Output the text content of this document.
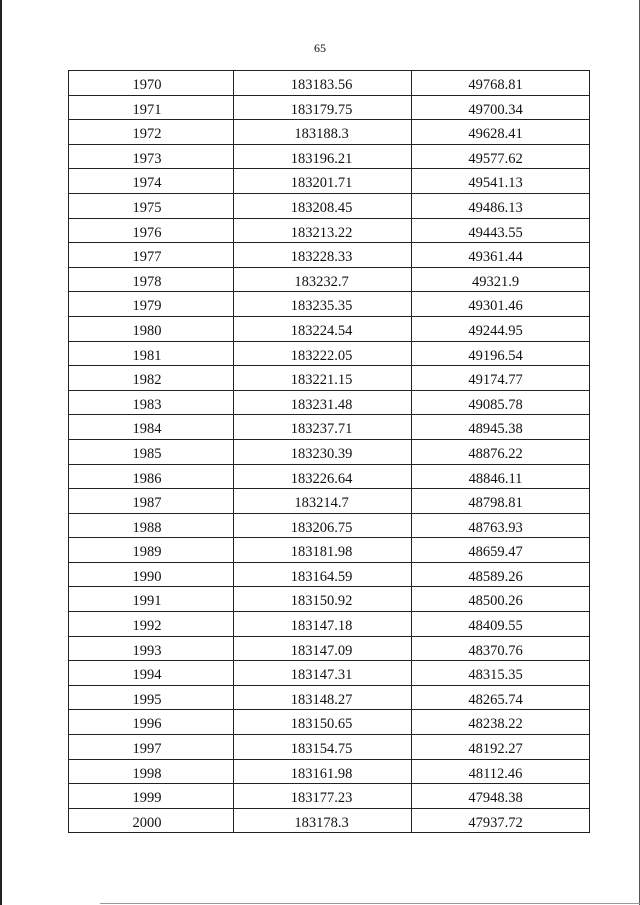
65
1970	183183.56	49768.81
1971	183179.75	49700.34
1972	183188.3	49628.41
1973	183196.21	49577.62
1974	183201.71	49541.13
1975	183208.45	49486.13
1976	183213.22	49443.55
1977	183228.33	49361.44
1978	183232.7	49321.9
1979	183235.35	49301.46
1980	183224.54	49244.95
1981	183222.05	49196.54
1982	183221.15	49174.77
1983	183231.48	49085.78
1984	183237.71	48945.38
1985	183230.39	48876.22
1986	183226.64	48846.11
1987	183214.7	48798.81
1988	183206.75	48763.93
1989	183181.98	48659.47
1990	183164.59	48589.26
1991	183150.92	48500.26
1992	183147.18	48409.55
1993	183147.09	48370.76
1994	183147.31	48315.35
1995	183148.27	48265.74
1996	183150.65	48238.22
1997	183154.75	48192.27
1998	183161.98	48112.46
1999	183177.23	47948.38
2000	183178.3	47937.72
